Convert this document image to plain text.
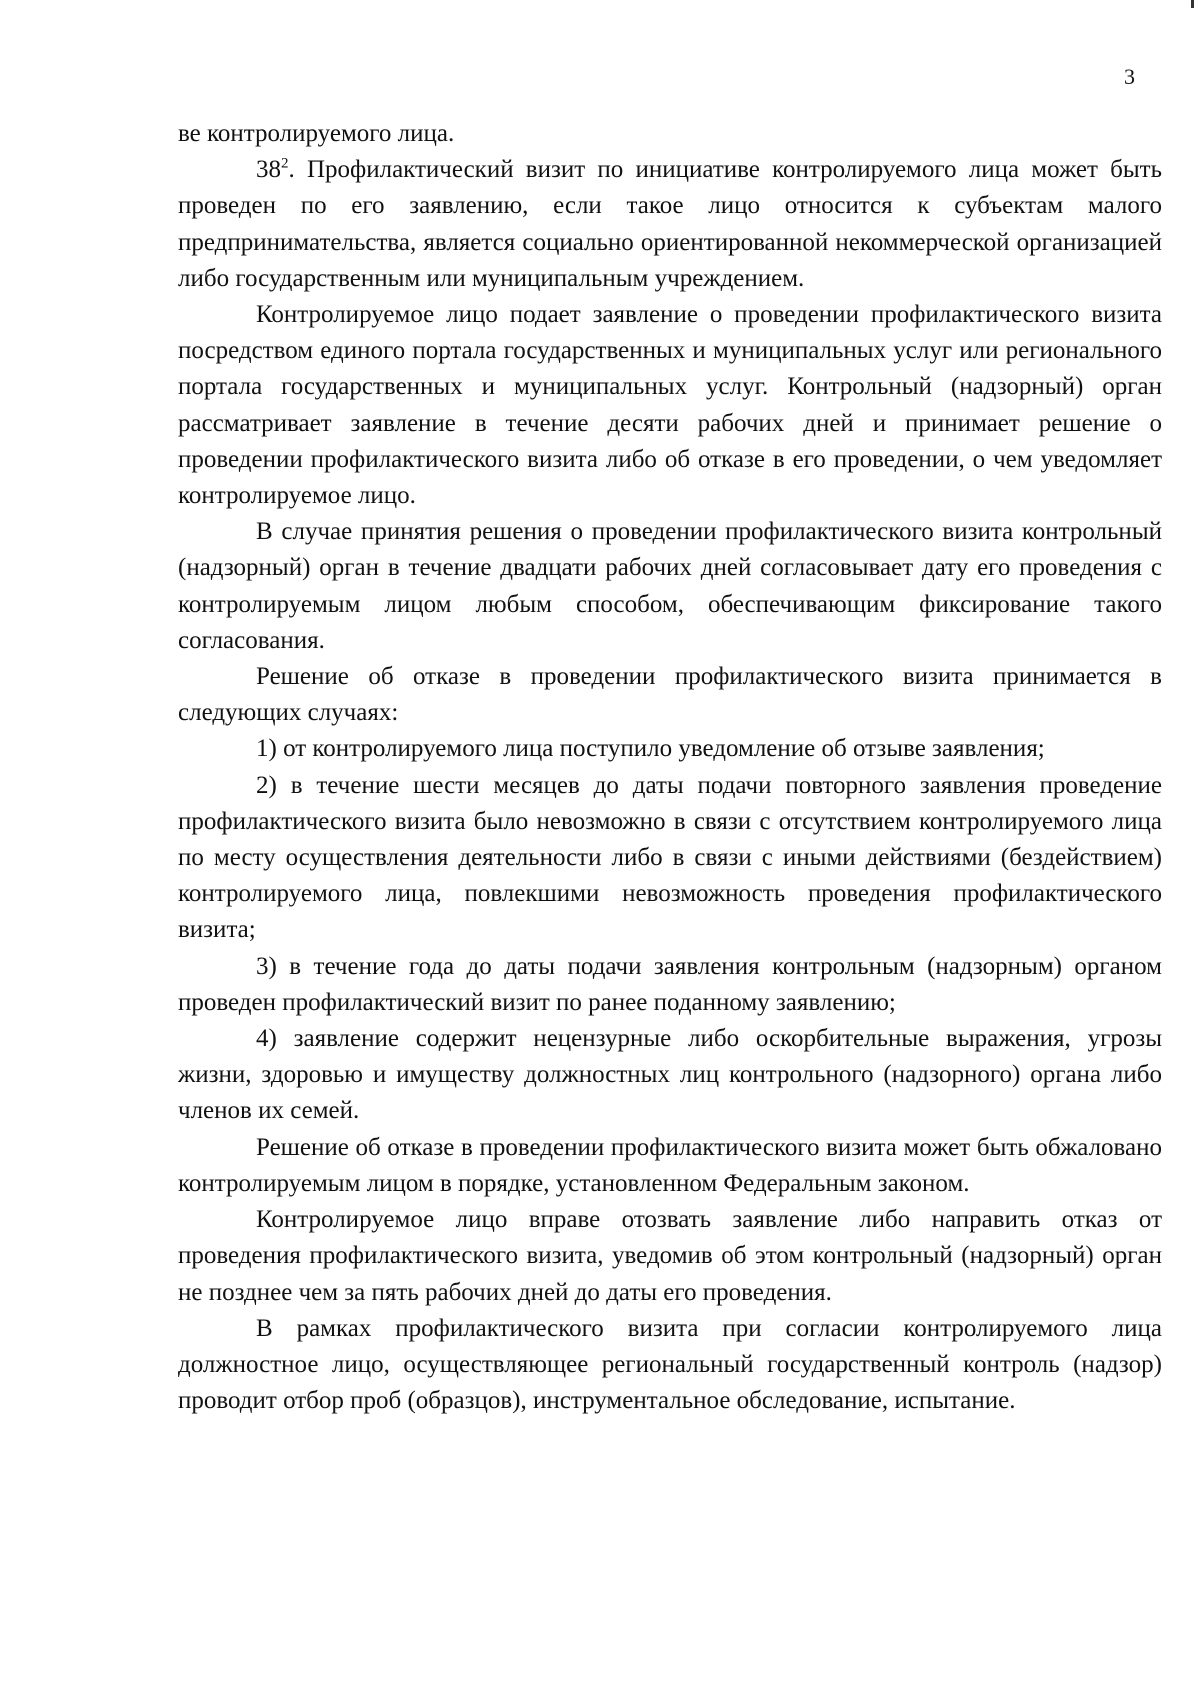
3

ве контролируемого лица.

$38^2$. Профилактический визит по инициативе контролируемого лица может быть проведен по его заявлению, если такое лицо относится к субъектам малого предпринимательства, является социально ориентированной некоммерческой организацией либо государственным или муниципальным учреждением.

Контролируемое лицо подает заявление о проведении профилактического визита посредством единого портала государственных и муниципальных услуг или регионального портала государственных и муниципальных услуг. Контрольный (надзорный) орган рассматривает заявление в течение десяти рабочих дней и принимает решение о проведении профилактического визита либо об отказе в его проведении, о чем уведомляет контролируемое лицо.

В случае принятия решения о проведении профилактического визита контрольный (надзорный) орган в течение двадцати рабочих дней согласовывает дату его проведения с контролируемым лицом любым способом, обеспечивающим фиксирование такого согласования.

Решение об отказе в проведении профилактического визита принимается в следующих случаях:

1) от контролируемого лица поступило уведомление об отзыве заявления;

2) в течение шести месяцев до даты подачи повторного заявления проведение профилактического визита было невозможно в связи с отсутствием контролируемого лица по месту осуществления деятельности либо в связи с иными действиями (бездействием) контролируемого лица, повлекшими невозможность проведения профилактического визита;

3) в течение года до даты подачи заявления контрольным (надзорным) органом проведен профилактический визит по ранее поданному заявлению;

4) заявление содержит нецензурные либо оскорбительные выражения, угрозы жизни, здоровью и имуществу должностных лиц контрольного (надзорного) органа либо членов их семей.

Решение об отказе в проведении профилактического визита может быть обжаловано контролируемым лицом в порядке, установленном Федеральным законом.

Контролируемое лицо вправе отозвать заявление либо направить отказ от проведения профилактического визита, уведомив об этом контрольный (надзорный) орган не позднее чем за пять рабочих дней до даты его проведения.

В рамках профилактического визита при согласии контролируемого лица должностное лицо, осуществляющее региональный государственный контроль (надзор) проводит отбор проб (образцов), инструментальное обследование, испытание.
